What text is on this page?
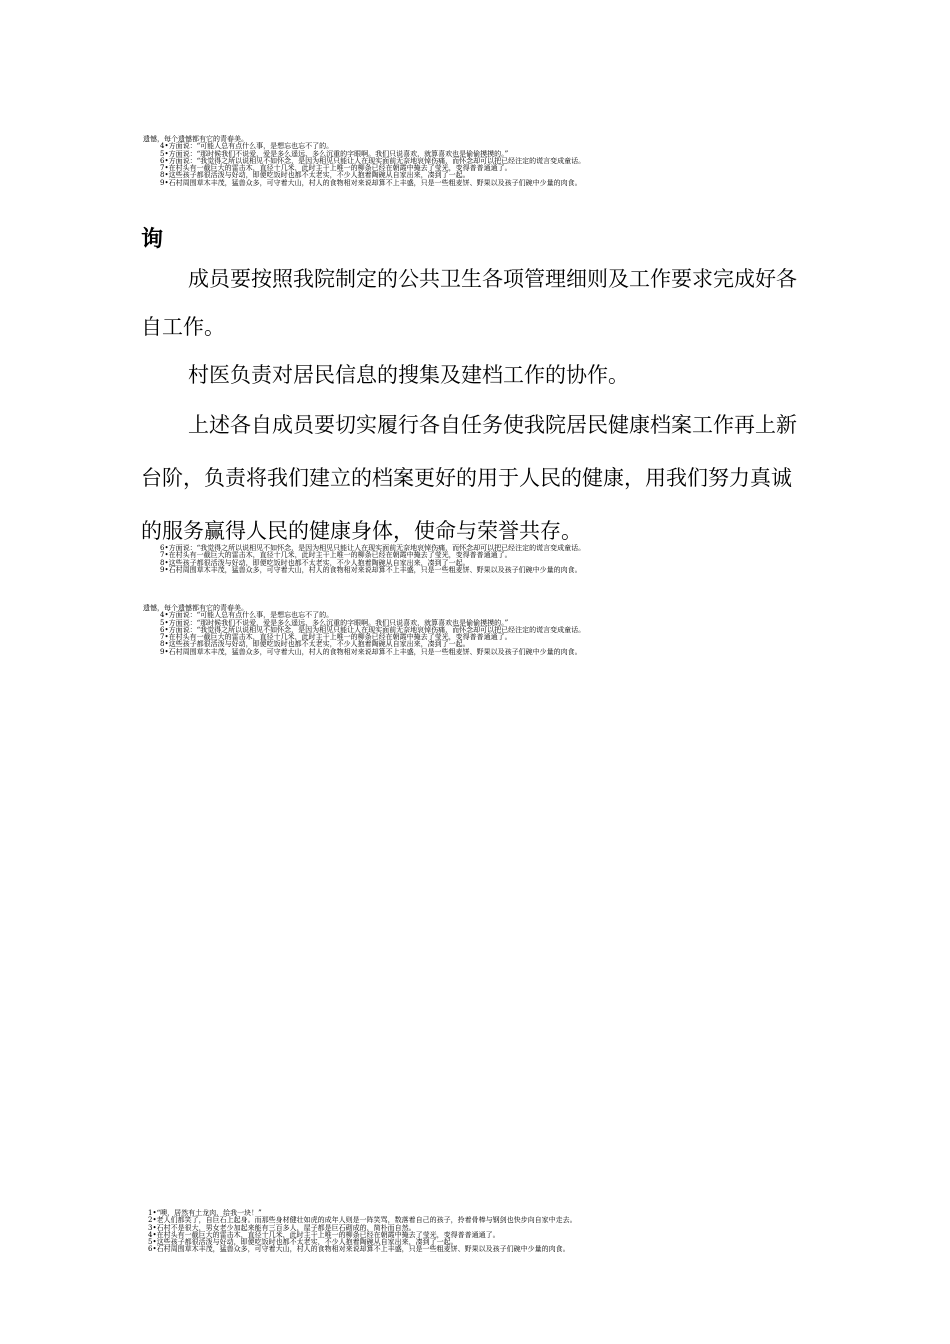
遗憾，每个遗憾都有它的青春美。
4•方面说：“可能人总有点什么事，是想忘也忘不了的。
5•方面说：“那时候我们不说爱，爱是多么遥远、多么沉重的字眼啊。我们只说喜欢，就算喜欢也是偷偷摸摸的。”
6•方面说：“我觉得之所以说相见不如怀念，是因为相见只能让人在现实面前无奈地哀悼伤痛，而怀念却可以把已经注定的谎言变成童话。
7•在村头有一截巨大的雷击木，直径十几米，此时主干上唯一的柳条已经在朝霞中掩去了莹光，变得普普通通了。
8•这些孩子都很活泼与好动，即便吃饭时也都不太老实，不少人抱着陶碗从自家出来，凑到了一起。
9•石村周围草木丰茂，猛兽众多，可守着大山，村人的食物相对来说却算不上丰盛，只是一些粗麦饼、野果以及孩子们碗中少量的肉食。
询
成员要按照我院制定的公共卫生各项管理细则及工作要求完成好各
自工作。
村医负责对居民信息的搜集及建档工作的协作。
上述各自成员要切实履行各自任务使我院居民健康档案工作再上新
台阶，负责将我们建立的档案更好的用于人民的健康，用我们努力真诚
的服务赢得人民的健康身体，使命与荣誉共存。
6•方面说：“我觉得之所以说相见不如怀念，是因为相见只能让人在现实面前无奈地哀悼伤痛，而怀念却可以把已经注定的谎言变成童话。
7•在村头有一截巨大的雷击木，直径十几米，此时主干上唯一的柳条已经在朝霞中掩去了莹光，变得普普通通了。
8•这些孩子都很活泼与好动，即便吃饭时也都不太老实，不少人抱着陶碗从自家出来，凑到了一起。
9•石村周围草木丰茂，猛兽众多，可守着大山，村人的食物相对来说却算不上丰盛，只是一些粗麦饼、野果以及孩子们碗中少量的肉食。
遗憾，每个遗憾都有它的青春美。
4•方面说：“可能人总有点什么事，是想忘也忘不了的。
5•方面说：“那时候我们不说爱，爱是多么遥远、多么沉重的字眼啊。我们只说喜欢，就算喜欢也是偷偷摸摸的。”
6•方面说：“我觉得之所以说相见不如怀念，是因为相见只能让人在现实面前无奈地哀悼伤痛，而怀念却可以把已经注定的谎言变成童话。
7•在村头有一截巨大的雷击木，直径十几米，此时主干上唯一的柳条已经在朝霞中掩去了莹光，变得普普通通了。
8•这些孩子都很活泼与好动，即便吃饭时也都不太老实，不少人抱着陶碗从自家出来，凑到了一起。
9•石村周围草木丰茂，猛兽众多，可守着大山，村人的食物相对来说却算不上丰盛，只是一些粗麦饼、野果以及孩子们碗中少量的肉食。
1•“噢，居然有土龙肉，给我一块！”
2•老人们都笑了，自巨石上起身。而那些身材健壮如虎的成年人则是一阵笑骂，数落着自己的孩子，拎着骨棒与钢剑也快步向自家中走去。
3•石村不是很大，男女老少加起来能有三百多人，屋子都是巨石砌成的，简朴而自然。
4•在村头有一截巨大的雷击木，直径十几米，此时主干上唯一的柳条已经在朝霞中掩去了莹光，变得普普通通了。
5•这些孩子都很活泼与好动，即便吃饭时也都不太老实，不少人抱着陶碗从自家出来，凑到了一起。
6•石村周围草木丰茂，猛兽众多，可守着大山，村人的食物相对来说却算不上丰盛，只是一些粗麦饼、野果以及孩子们碗中少量的肉食。
